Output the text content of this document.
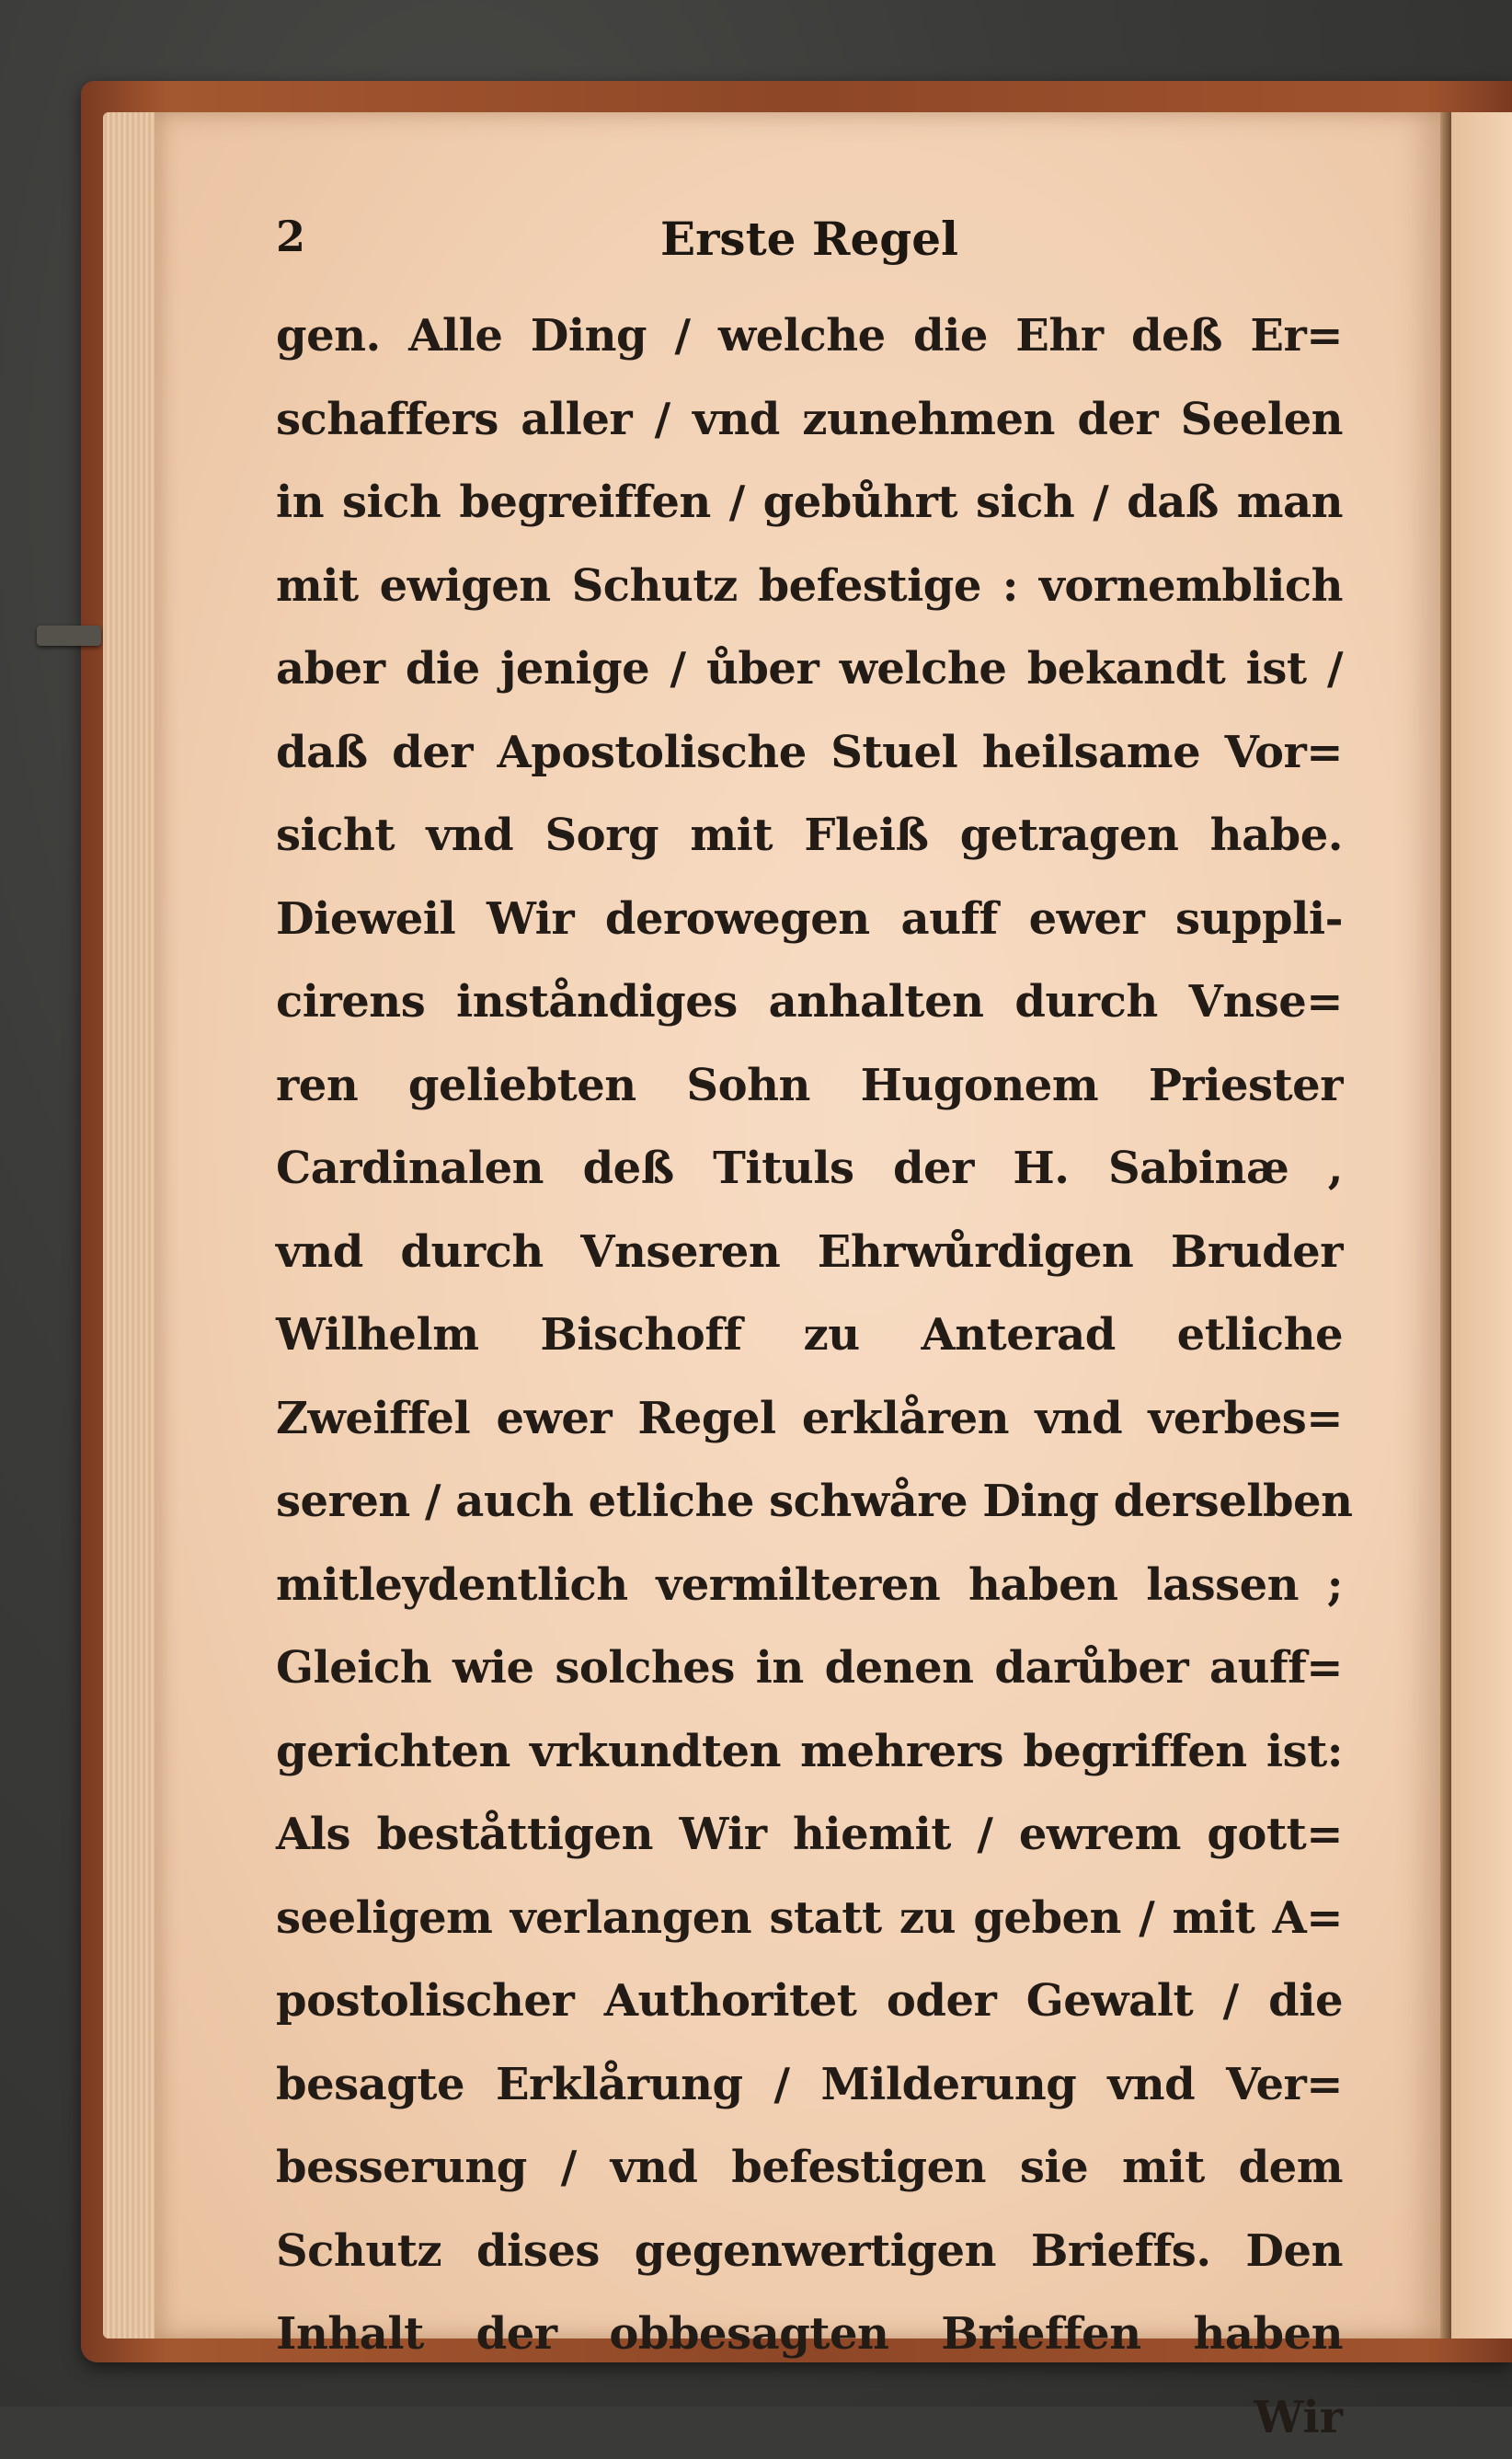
2	Erste Regel
gen. Alle Ding / welche die Ehr deß Er=
schaffers aller / vnd zunehmen der Seelen
in sich begreiffen / gebůhrt sich / daß man
mit ewigen Schutz befestige : vornemblich
aber die jenige / ůber welche bekandt ist /
daß der Apostolische Stuel heilsame Vor=
sicht vnd Sorg mit Fleiß getragen habe.
Dieweil Wir derowegen auff ewer suppli-
cirens inståndiges anhalten durch Vnse=
ren geliebten Sohn Hugonem Priester
Cardinalen deß Tituls der H. Sabinæ ,
vnd durch Vnseren Ehrwůrdigen Bruder
Wilhelm Bischoff zu Anterad etliche
Zweiffel ewer Regel erklåren vnd verbes=
seren / auch etliche schwåre Ding derselben
mitleydentlich vermilteren haben lassen ;
Gleich wie solches in denen darůber auff=
gerichten vrkundten mehrers begriffen ist:
Als beståttigen Wir hiemit / ewrem gott=
seeligem verlangen statt zu geben / mit A=
postolischer Authoritet oder Gewalt / die
besagte Erklårung / Milderung vnd Ver=
besserung / vnd befestigen sie mit dem
Schutz dises gegenwertigen Brieffs. Den
Inhalt der obbesagten Brieffen haben
Wir
